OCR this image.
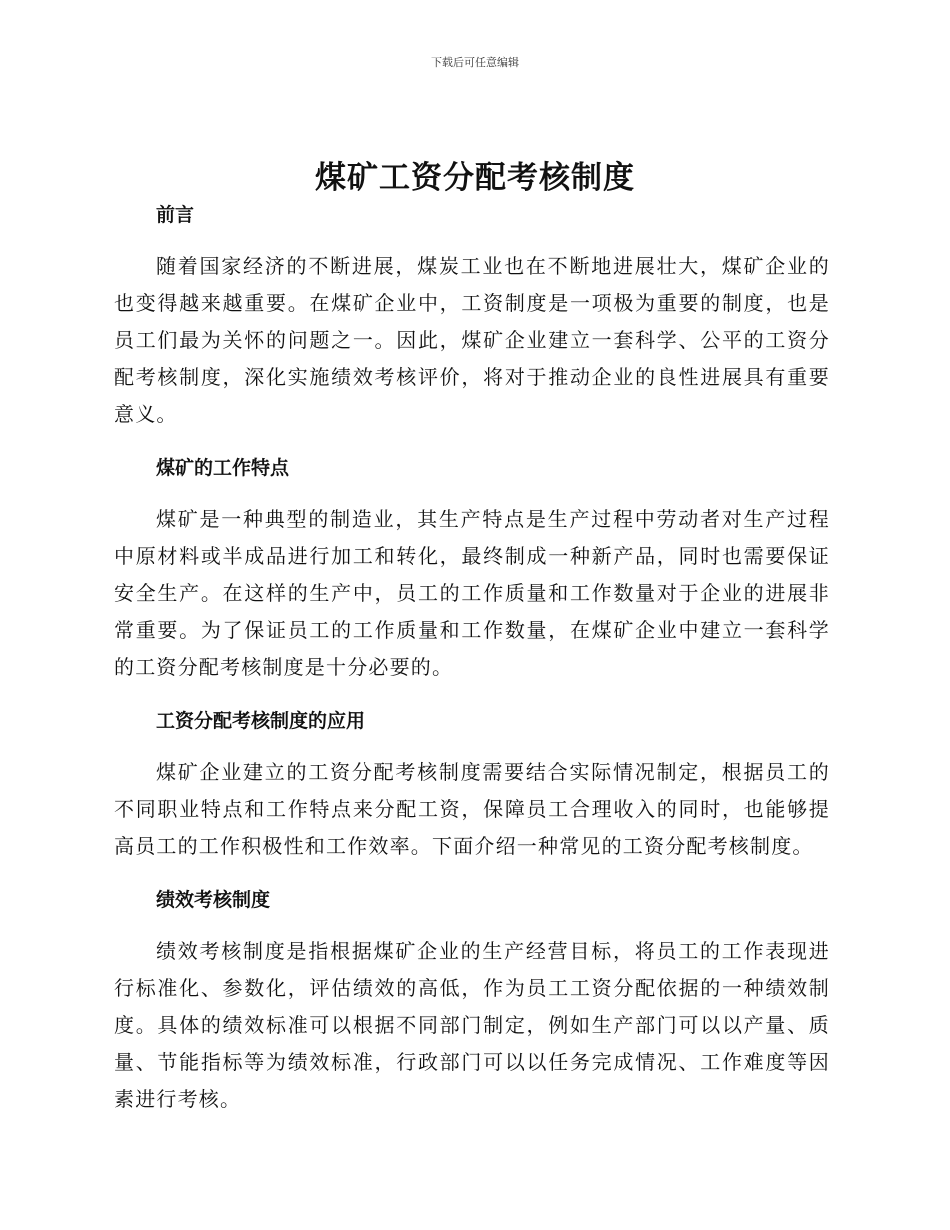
下载后可任意编辑
煤矿工资分配考核制度
前言

随着国家经济的不断进展，煤炭工业也在不断地进展壮大，煤矿企业的也变得越来越重要。在煤矿企业中，工资制度是一项极为重要的制度，也是员工们最为关怀的问题之一。因此，煤矿企业建立一套科学、公平的工资分配考核制度，深化实施绩效考核评价，将对于推动企业的良性进展具有重要意义。

煤矿的工作特点

煤矿是一种典型的制造业，其生产特点是生产过程中劳动者对生产过程中原材料或半成品进行加工和转化，最终制成一种新产品，同时也需要保证安全生产。在这样的生产中，员工的工作质量和工作数量对于企业的进展非常重要。为了保证员工的工作质量和工作数量，在煤矿企业中建立一套科学的工资分配考核制度是十分必要的。

工资分配考核制度的应用

煤矿企业建立的工资分配考核制度需要结合实际情况制定，根据员工的不同职业特点和工作特点来分配工资，保障员工合理收入的同时，也能够提高员工的工作积极性和工作效率。下面介绍一种常见的工资分配考核制度。

绩效考核制度

绩效考核制度是指根据煤矿企业的生产经营目标，将员工的工作表现进行标准化、参数化，评估绩效的高低，作为员工工资分配依据的一种绩效制度。具体的绩效标准可以根据不同部门制定，例如生产部门可以以产量、质量、节能指标等为绩效标准，行政部门可以以任务完成情况、工作难度等因素进行考核。
